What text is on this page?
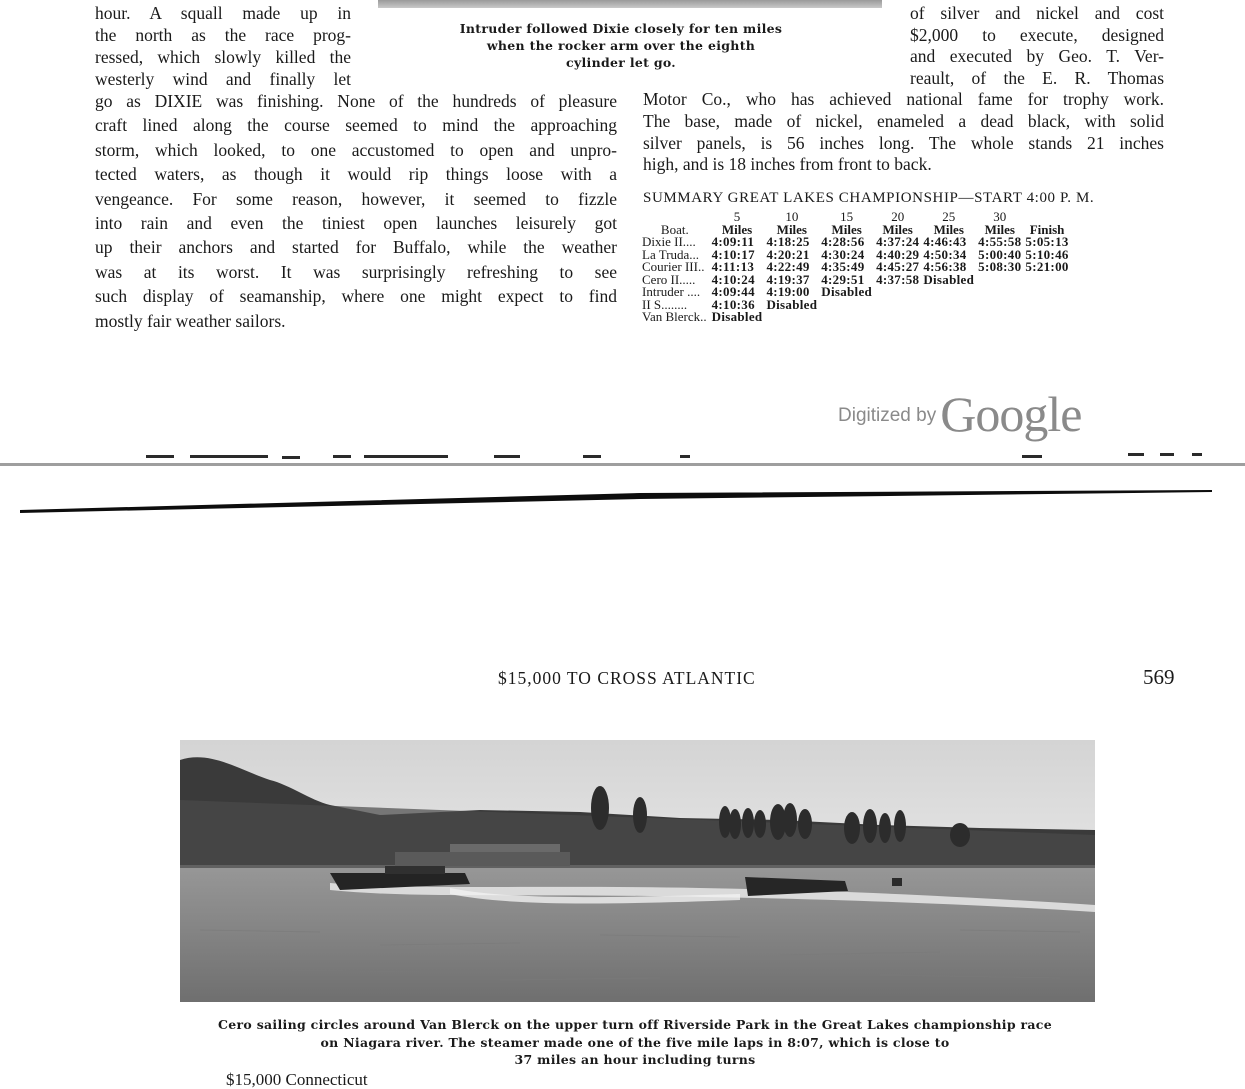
Intruder followed Dixie closely for ten miles
when the rocker arm over the eighth
cylinder let go.
hour. A squall made up in
the north as the race prog-
ressed, which slowly killed the
westerly wind and finally let
go as DIXIE was finishing. None of the hundreds of pleasure
craft lined along the course seemed to mind the approaching
storm, which looked, to one accustomed to open and unpro-
tected waters, as though it would rip things loose with a
vengeance. For some reason, however, it seemed to fizzle
into rain and even the tiniest open launches leisurely got
up their anchors and started for Buffalo, while the weather
was at its worst. It was surprisingly refreshing to see
such display of seamanship, where one might expect to find
mostly fair weather sailors.
of silver and nickel and cost
$2,000 to execute, designed
and executed by Geo. T. Ver-
reault, of the E. R. Thomas
Motor Co., who has achieved national fame for trophy work.
The base, made of nickel, enameled a dead black, with solid
silver panels, is 56 inches long. The whole stands 21 inches
high, and is 18 inches from front to back.
SUMMARY GREAT LAKES CHAMPIONSHIP—START 4:00 P. M.
	5	10	15	20	25	30	
Boat.	Miles	Miles	Miles	Miles	Miles	Miles	Finish
Dixie II....	4:09:11	4:18:25	4:28:56	4:37:24	4:46:43	4:55:58	5:05:13
La Truda...	4:10:17	4:20:21	4:30:24	4:40:29	4:50:34	5:00:40	5:10:46
Courier III..	4:11:13	4:22:49	4:35:49	4:45:27	4:56:38	5:08:30	5:21:00
Cero II.....	4:10:24	4:19:37	4:29:51	4:37:58	Disabled		
Intruder ....	4:09:44	4:19:00	Disabled				
II S........	4:10:36	Disabled					
Van Blerck..	Disabled						
Digitized byGoogle
$15,000 TO CROSS ATLANTIC	569
Cero sailing circles around Van Blerck on the upper turn off Riverside Park in the Great Lakes championship race
on Niagara river. The steamer made one of the five mile laps in 8:07, which is close to
37 miles an hour including turns
$15,000 Connecticut
